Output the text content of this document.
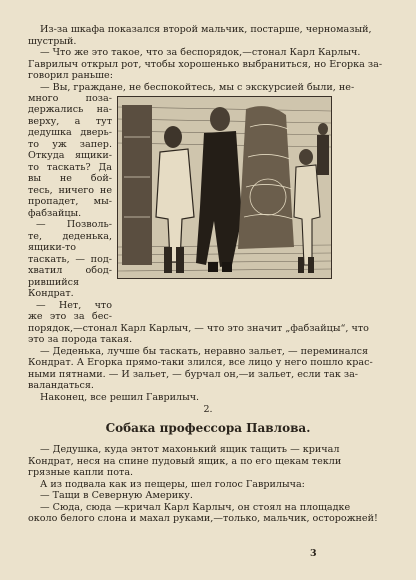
Из-за шкафа показался второй мальчик, постарше, черномазый,
шустрый.
— Что же это такое, что за беспорядок,—стонал Карл Карлыч.
Гаврилыч открыл рот, чтобы хорошенько выбраниться, но Егорка за-
говорил раньше:
— Вы, граждане, не беспокойтесь, мы с экскурсией были, не-
много поза-
держались на-
верху, а тут
дедушка дверь-
то уж запер.
Откуда ящики-
то таскать? Да
вы не бой-
тесь, ничего не
пропадет, мы-
фабзайцы.
— Позволь-
те, деденька,
ящики-то
таскать, — под-
хватил обод-
рившийся
Кондрат.
— Нет, что
же это за бес-
порядок,—стонал Карл Карлыч, — что это значит „фабзайцы“, что
это за порода такая.
— Деденька, лучше бы таскать, неравно зальет, — переминался
Кондрат. А Егорка прямо-таки злился, все лицо у него пошло крас-
ными пятнами. — И зальет, — бурчал он,—и зальет, если так за-
валандаться.
Наконец, все решил Гаврилыч.
2.
Собака профессора Павлова.
— Дедушка, куда энтот махонький ящик тащить — кричал
Кондрат, неся на спине пудовый ящик, а по его щекам текли
грязные капли пота.
А из подвала как из пещеры, шел голос Гаврилыча:
— Тащи в Северную Америку.
— Сюда, сюда —кричал Карл Карлыч, он стоял на площадке
около белого слона и махал руками,—только, мальчик, осторожней!
3
